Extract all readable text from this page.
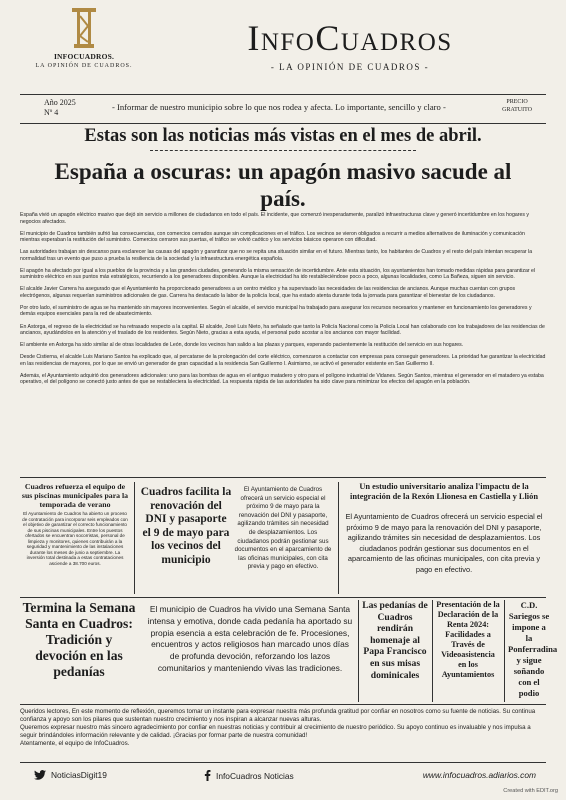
INFOCUADROS.
LA OPINIÓN DE CUADROS.
InfoCuadros
- LA OPINIÓN DE CUADROS -
Año 2025
Nº 4
- Informar de nuestro municipio sobre lo que nos rodea y afecta. Lo importante, sencillo y claro -	PRECIO
GRATUITO
Estas son las noticias más vistas en el mes de abril.
España a oscuras: un apagón masivo sacude al país.

España vivió un apagón eléctrico masivo que dejó sin servicio a millones de ciudadanos en todo el país. El incidente, que comenzó inesperadamente, paralizó infraestructuras clave y generó incertidumbre en los hogares y negocios afectados.

El municipio de Cuadros también sufrió las consecuencias, con comercios cerrados aunque sin complicaciones en el tráfico. Los vecinos se vieron obligados a recurrir a medios alternativos de iluminación y comunicación mientras esperaban la restitución del suministro. Comercios cerraron sus puertas, el tráfico se volvió caótico y los servicios básicos operaron con dificultad.

Las autoridades trabajan sin descanso para esclarecer las causas del apagón y garantizar que no se repita una situación similar en el futuro. Mientras tanto, los habitantes de Cuadros y el resto del país intentan recuperar la normalidad tras un evento que puso a prueba la resiliencia de la sociedad y la infraestructura energética española.

El apagón ha afectado por igual a los pueblos de la provincia y a las grandes ciudades, generando la misma sensación de incertidumbre. Ante esta situación, los ayuntamientos han tomado medidas rápidas para garantizar el suministro eléctrico en sus puntos más estratégicos, recurriendo a los generadores disponibles. Aunque la electricidad ha ido restableciéndose poco a poco, algunas localidades, como La Bañeza, siguen sin servicio.

El alcalde Javier Carrera ha asegurado que el Ayuntamiento ha proporcionado generadores a un centro médico y ha supervisado las necesidades de las residencias de ancianos. Aunque muchas cuentan con grupos electrógenos, algunas requerían suministros adicionales de gas. Carrera ha destacado la labor de la policía local, que ha estado atenta durante toda la jornada para garantizar el bienestar de los ciudadanos.

Por otro lado, el suministro de agua se ha mantenido sin mayores inconvenientes. Según el alcalde, el servicio municipal ha trabajado para asegurar los recursos necesarios y mantener en funcionamiento los generadores y demás equipos esenciales para la red de abastecimiento.

En Astorga, el regreso de la electricidad se ha retrasado respecto a la capital. El alcalde, José Luis Nieto, ha señalado que tanto la Policía Nacional como la Policía Local han colaborado con los trabajadores de las residencias de ancianos, ayudándolos en la atención y el traslado de los residentes. Según Nieto, gracias a esta ayuda, el personal pudo acostar a los ancianos con mayor facilidad.

El ambiente en Astorga ha sido similar al de otras localidades de León, donde los vecinos han salido a las plazas y parques, esperando pacientemente la restitución del servicio en sus hogares.

Desde Cistierna, el alcalde Luis Mariano Santos ha explicado que, al percatarse de la prolongación del corte eléctrico, comenzaron a contactar con empresas para conseguir generadores. La prioridad fue garantizar la electricidad en las residencias de mayores, por lo que se envió un generador de gran capacidad a la residencia San Guillermo I. Asimismo, se activó el generador existente en San Guillermo II.

Además, el Ayuntamiento adquirió dos generadores adicionales: uno para las bombas de agua en el antiguo matadero y otro para el polígono industrial de Vidanes. Según Santos, mientras el generador en el matadero ya estaba operativo, el del polígono se conectó justo antes de que se restableciera la electricidad. La respuesta rápida de las autoridades ha sido clave para minimizar los efectos del apagón en la población.

Cuadros refuerza el equipo de sus piscinas municipales para la temporada de verano
El Ayuntamiento de Cuadros ha abierto un proceso de contratación para incorporar seis empleados con el objetivo de garantizar el correcto funcionamiento de sus piscinas municipales. Entre los puestos ofertados se encuentran socorristas, personal de limpieza y monitores, quienes contribuirán a la seguridad y mantenimiento de las instalaciones durante los meses de junio a septiembre. La inversión total destinada a estas contrataciones asciende a 38.700 euros.
Cuadros facilita la renovación del DNI y pasaporte el 9 de mayo para los vecinos del municipio
El Ayuntamiento de Cuadros ofrecerá un servicio especial el próximo 9 de mayo para la renovación del DNI y pasaporte, agilizando trámites sin necesidad de desplazamientos. Los ciudadanos podrán gestionar sus documentos en el aparcamiento de las oficinas municipales, con cita previa y pago en efectivo.
Un estudio universitario analiza l'impactu de la integración de la Rexón Llionesa en Castiella y Llión
El Ayuntamiento de Cuadros ofrecerá un servicio especial el próximo 9 de mayo para la renovación del DNI y pasaporte, agilizando trámites sin necesidad de desplazamientos. Los ciudadanos podrán gestionar sus documentos en el aparcamiento de las oficinas municipales, con cita previa y pago en efectivo.
Termina la Semana Santa en Cuadros: Tradición y devoción en las pedanías
El municipio de Cuadros ha vivido una Semana Santa intensa y emotiva, donde cada pedanía ha aportado su propia esencia a esta celebración de fe. Procesiones, encuentros y actos religiosos han marcado unos días de profunda devoción, reforzando los lazos comunitarios y manteniendo vivas las tradiciones.
Las pedanías de Cuadros rendirán homenaje al Papa Francisco en sus misas dominicales
Presentación de la Declaración de la Renta 2024: Facilidades a Través de Videoasistencia en los Ayuntamientos
C.D. Sariegos se impone a la Ponferradina y sigue soñando con el podio

Queridos lectores, En este momento de reflexión, queremos tomar un instante para expresar nuestra más profunda gratitud por confiar en nosotros como su fuente de noticias. Su continua confianza y apoyo son los pilares que sustentan nuestro crecimiento y nos inspiran a alcanzar nuevas alturas.

Queremos expresar nuestro más sincero agradecimiento por confiar en nuestras noticias y contribuir al crecimiento de nuestro periódico. Su apoyo continuo es invaluable y nos impulsa a seguir brindándoles información relevante y de calidad. ¡Gracias por formar parte de nuestra comunidad!

Atentamente, el equipo de InfoCuadros.

NoticiasDigit19	InfoCuadros Noticias	www.infocuadros.adiarios.com
Created with EDIT.org
